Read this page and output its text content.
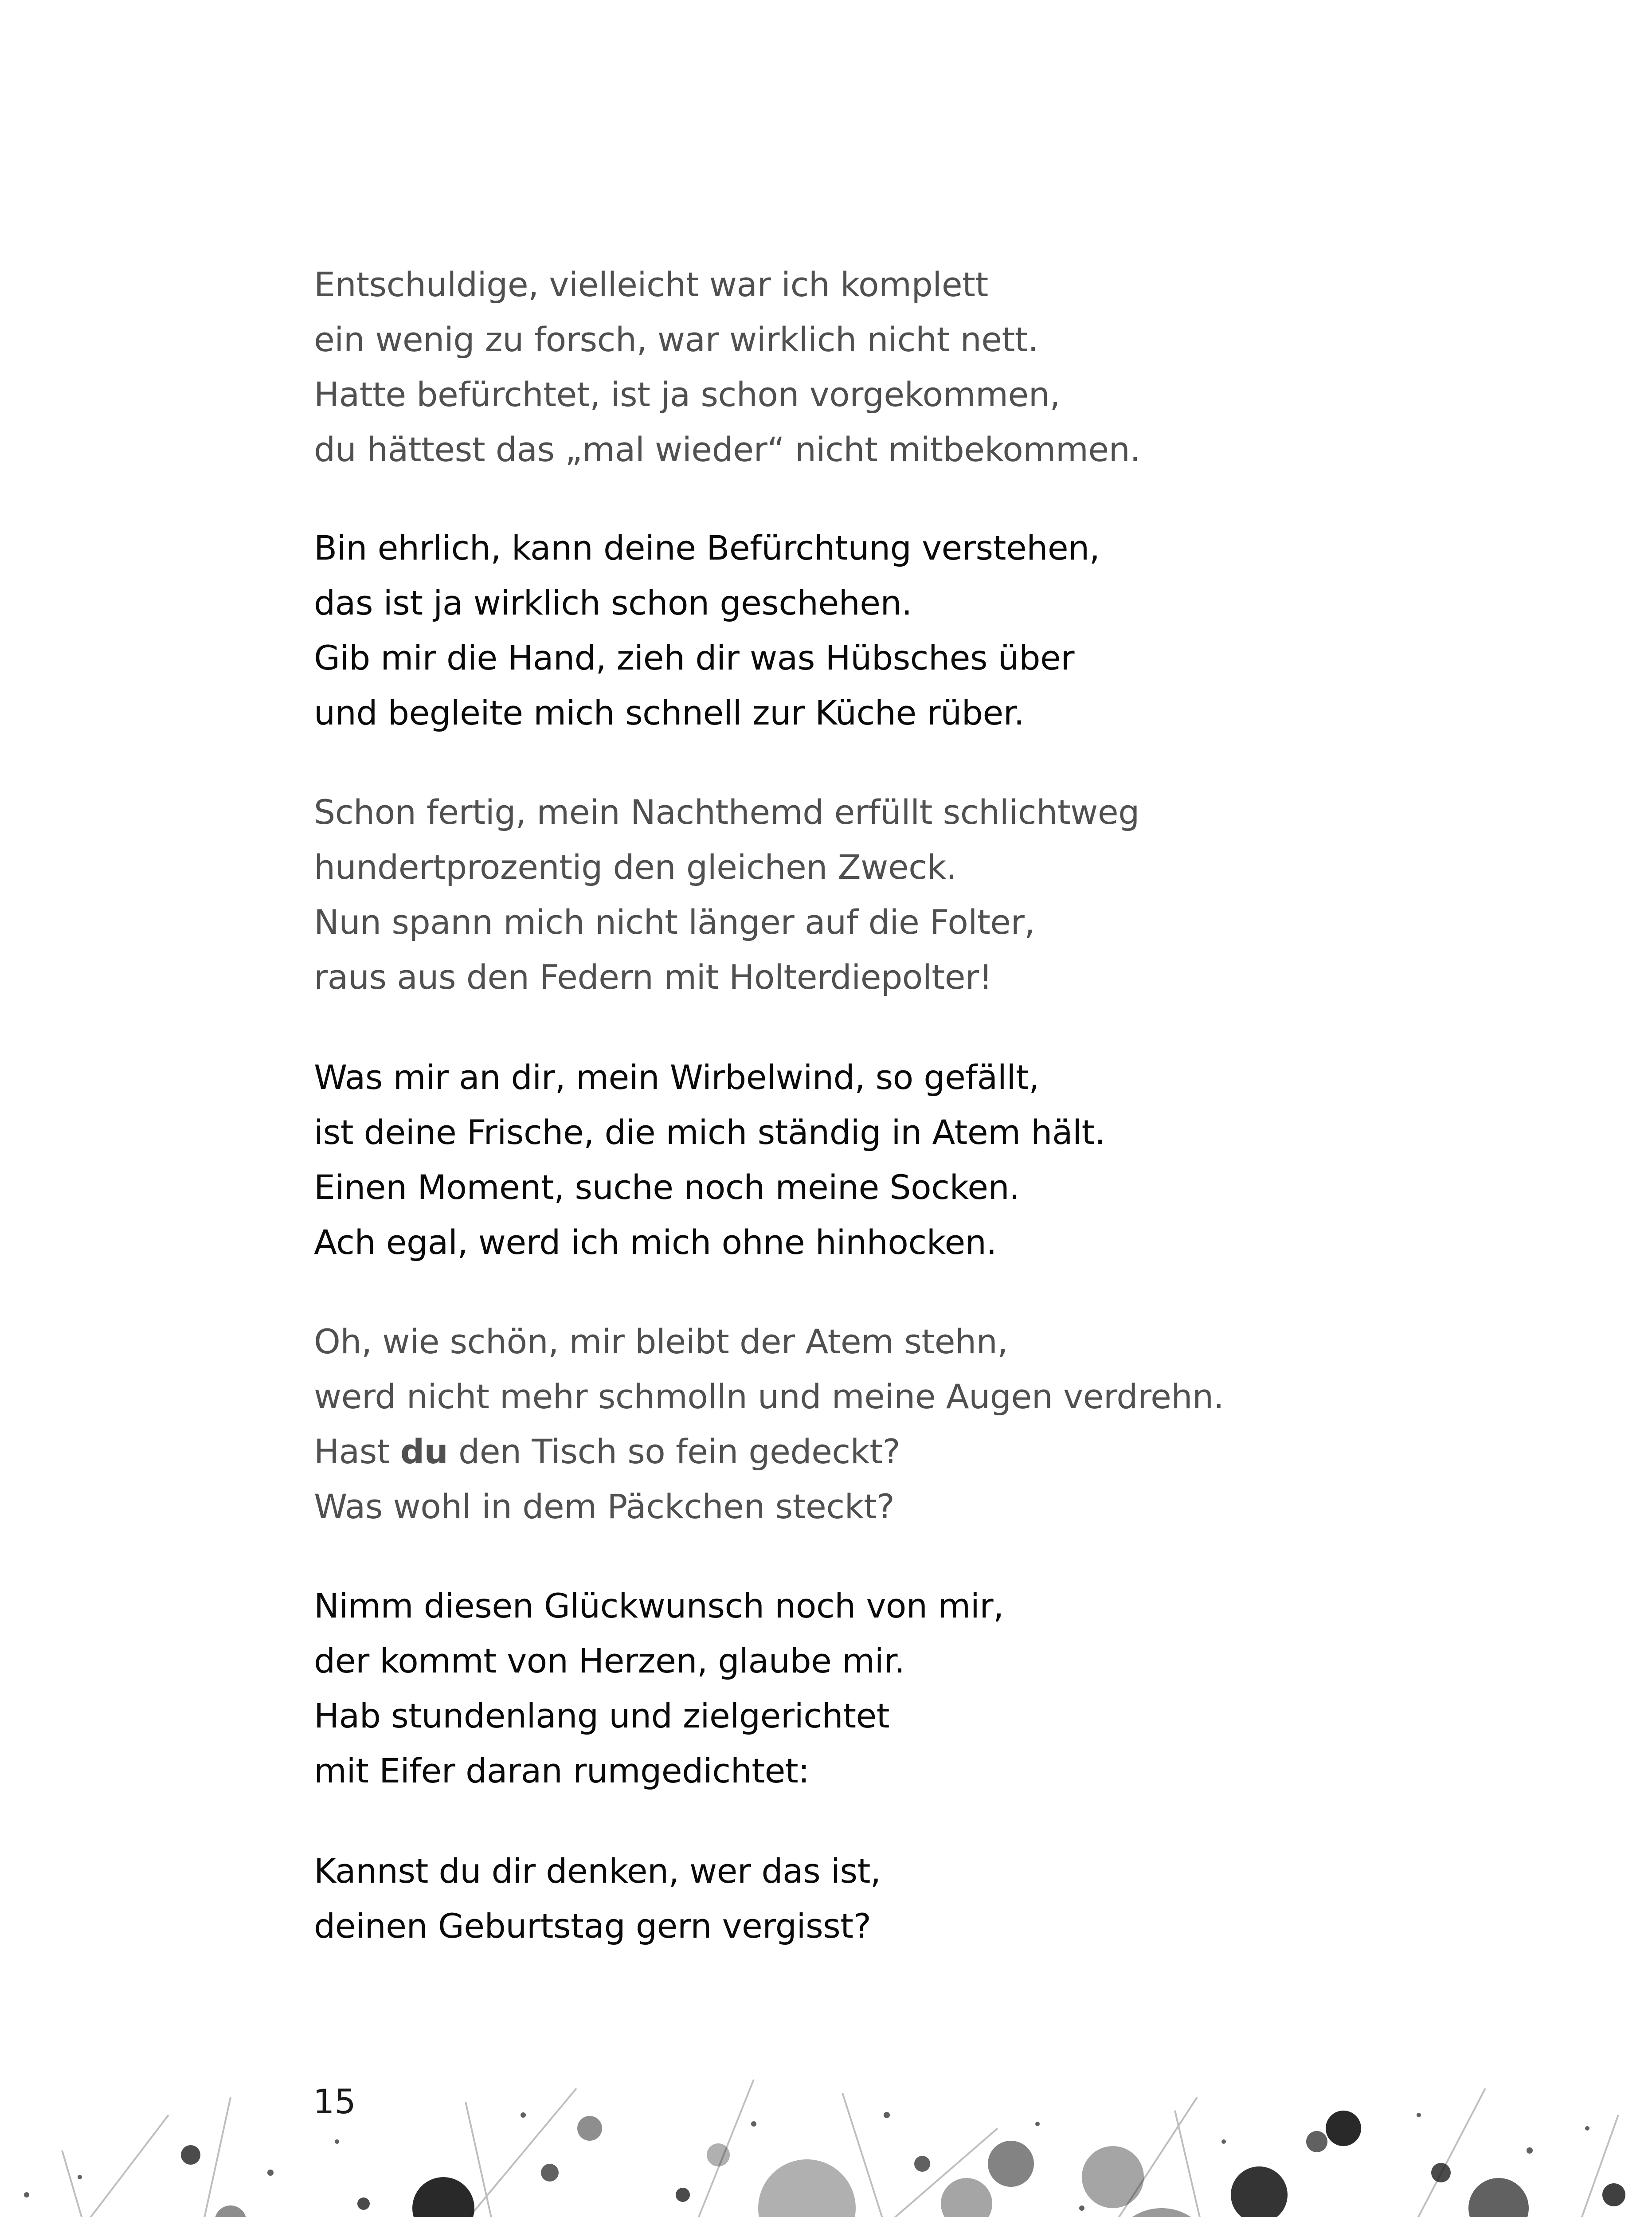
Entschuldige, vielleicht war ich komplett
ein wenig zu forsch, war wirklich nicht nett.
Hatte befürchtet, ist ja schon vorgekommen,
du hättest das „mal wieder“ nicht mitbekommen.
Bin ehrlich, kann deine Befürchtung verstehen,
das ist ja wirklich schon geschehen.
Gib mir die Hand, zieh dir was Hübsches über
und begleite mich schnell zur Küche rüber.
Schon fertig, mein Nachthemd erfüllt schlichtweg
hundertprozentig den gleichen Zweck.
Nun spann mich nicht länger auf die Folter,
raus aus den Federn mit Holterdiepolter!
Was mir an dir, mein Wirbelwind, so gefällt,
ist deine Frische, die mich ständig in Atem hält.
Einen Moment, suche noch meine Socken.
Ach egal, werd ich mich ohne hinhocken.
Oh, wie schön, mir bleibt der Atem stehn,
werd nicht mehr schmolln und meine Augen verdrehn.
Hast du den Tisch so fein gedeckt?
Was wohl in dem Päckchen steckt?
Nimm diesen Glückwunsch noch von mir,
der kommt von Herzen, glaube mir.
Hab stundenlang und zielgerichtet
mit Eifer daran rumgedichtet:
Kannst du dir denken, wer das ist,
deinen Geburtstag gern vergisst?
15
